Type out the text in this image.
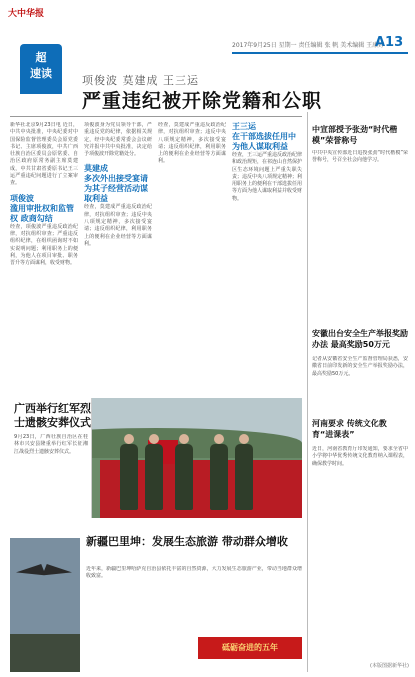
大中华报
超
速读
2017年9月25日 星期一 责任编辑 张 帆 美术编辑 王康婷
A13
项俊波 莫建成 王三运
严重违纪被开除党籍和公职
新华社北京9月23日电 近日，中共中央批准，中央纪委对中国保险监督管理委员会原党委书记、主席项俊波，中共广西壮族自治区委员会原常委、自治区政府原常务副主席莫建成，中共甘肃省委原书记王三运严重违纪问题进行了立案审查。
项俊波
滥用审批权和监管权 政商勾结
经查，项俊波严重违反政治纪律，对抗组织审查；严重违反组织纪律，在组织函询时不如实说明问题；利用职务上的便利，为他人在项目审批、职务晋升等方面谋利，收受财物。
项俊波身为党员领导干部，严重违反党的纪律，依据相关规定，经中央纪委常委会会议研究并报中共中央批准，决定给予项俊波开除党籍处分。
莫建成
多次外出接受宴请 为其子经营活动谋取利益
经查，莫建成严重违反政治纪律，对抗组织审查；违反中央八项规定精神，多次接受宴请；违反组织纪律，利用职务上的便利在企业经营等方面谋利。
经查，莫建成严重违反政治纪律，对抗组织审查；违反中央八项规定精神，多次接受宴请；违反组织纪律，利用职务上的便利在企业经营等方面谋利。
王三运
在干部选拔任用中为他人谋取利益
经查，王三运严重违反政治纪律和政治规矩，在祁连山自然保护区生态环境问题上严重失职失责；违反中央八项规定精神；利用职务上的便利在干部选拔任用等方面为他人谋取利益并收受财物。
广西举行红军烈士遗骸安葬仪式
9月23日，广西壮族自治区在桂林市兴安县隆重举行红军长征湘江战役烈士遗骸安葬仪式。
新疆巴里坤：发展生态旅游 带动群众增收
近年来，新疆巴里坤哈萨克自治县依托丰富的自然资源，大力发展生态旅游产业，带动当地群众增收致富。
砥砺奋进的五年
中宣部授予张劲“时代楷模”荣誉称号
中共中央宣传部近日追授张劲“时代楷模”荣誉称号，号召全社会向他学习。
安徽出台安全生产举报奖励办法 最高奖励50万元
记者从安徽省安全生产监督管理局获悉，安徽省日前印发新的安全生产举报奖励办法，最高奖励50万元。
河南要求 传统文化教育“进课表”
近日，河南省教育厅印发通知，要求全省中小学将中华优秀传统文化教育纳入课程表，确保教学时间。
(本版图据新华社)
